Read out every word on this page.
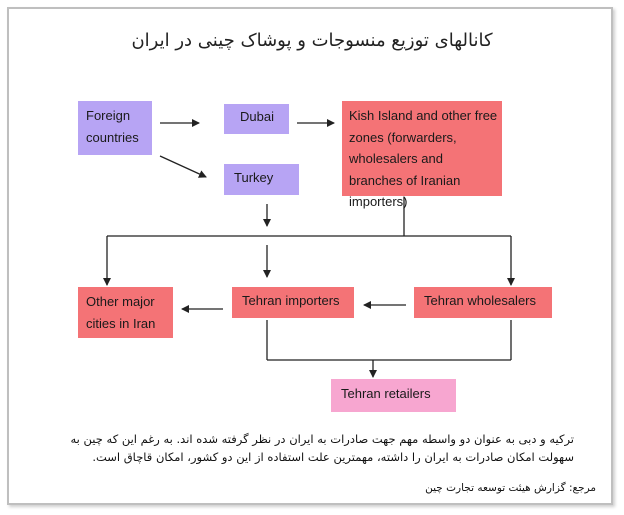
کانالهای توزیع منسوجات و پوشاک چینی در ایران
Foreign countries
Dubai	Kish Island and other free zones (forwarders, wholesalers and branches of Iranian importers)
Turkey
Other major cities in Iran
Tehran importers	Tehran wholesalers
Tehran retailers
ترکیه و دبی به عنوان دو واسطه مهم جهت صادرات به ایران در نظر گرفته شده اند. به رغم این که چین به سهولت امکان صادرات به ایران را داشته، مهمترین علت استفاده از این دو کشور، امکان قاچاق است.
مرجع: گزارش هیئت توسعه تجارت چین
